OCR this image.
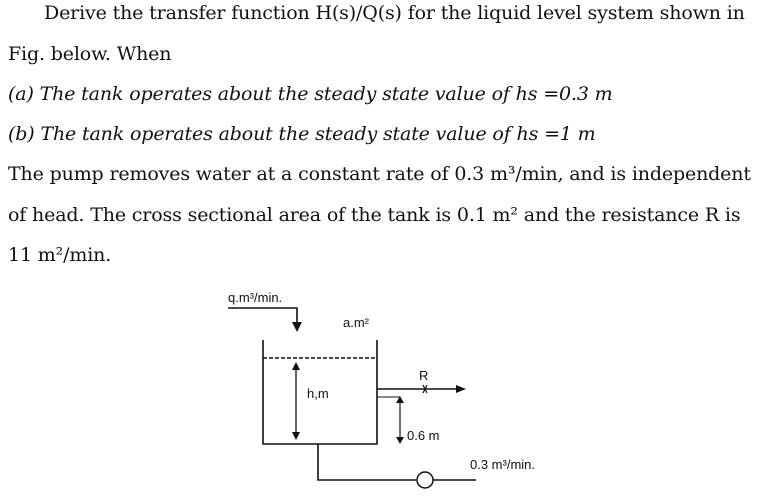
Derive the transfer function H(s)/Q(s) for the liquid level system shown in
Fig. below. When
(a) The tank operates about the steady state value of hs =0.3 m
(b) The tank operates about the steady state value of hs =1 m
The pump removes water at a constant rate of 0.3 m³/min, and is independent
of head. The cross sectional area of the tank is 0.1 m² and the resistance R is
11 m²/min.
q.m³/min.
a.m²
h,m
R
0.6 m
0.3 m³/min.
